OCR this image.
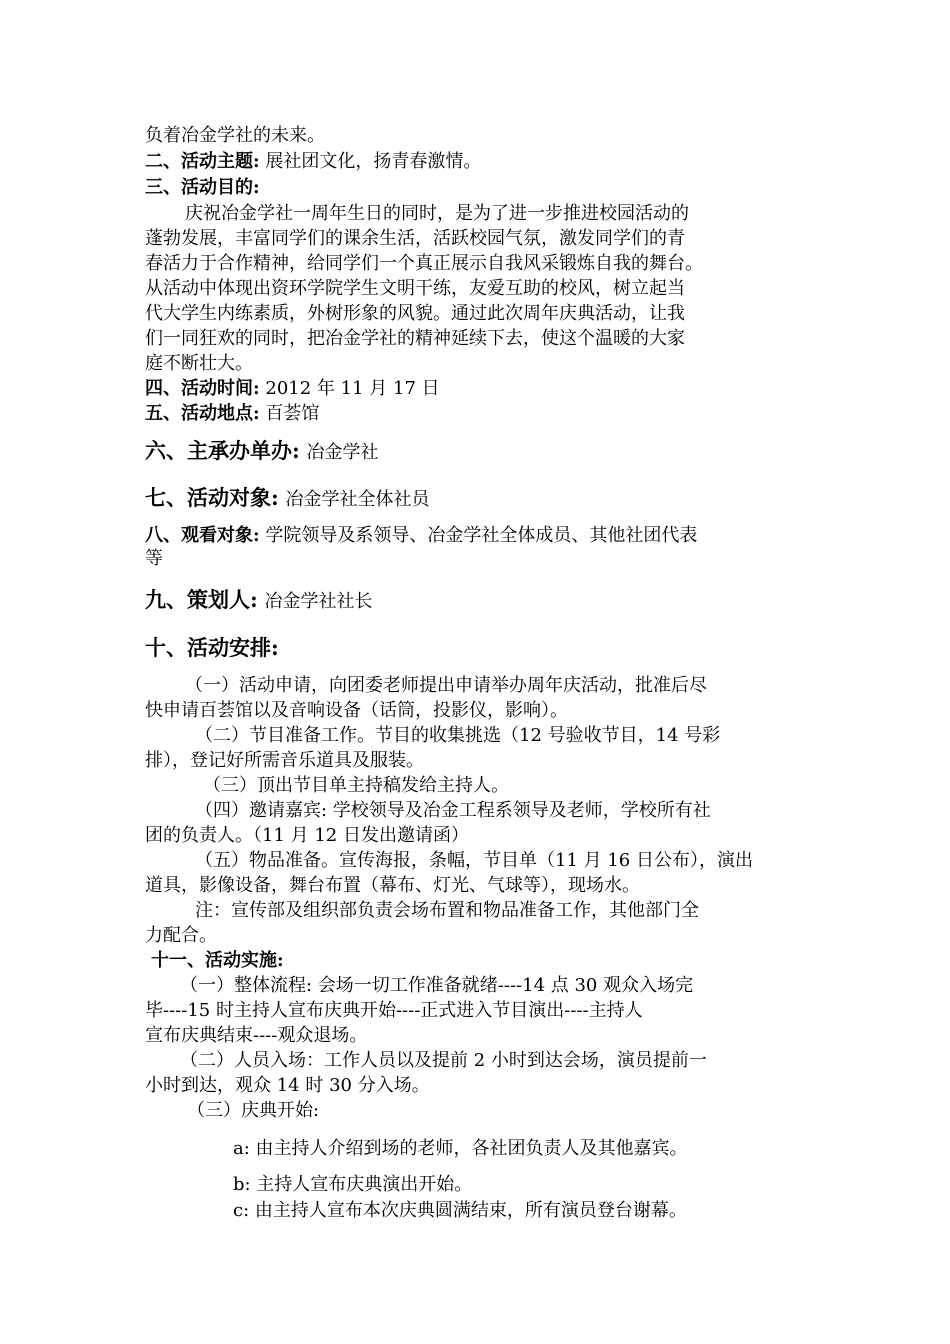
负着冶金学社的未来。
二、活动主题: 展社团文化，扬青春激情。
三、活动目的:
庆祝冶金学社一周年生日的同时，是为了进一步推进校园活动的
蓬勃发展，丰富同学们的课余生活，活跃校园气氛，激发同学们的青
春活力于合作精神，给同学们一个真正展示自我风采锻炼自我的舞台。
从活动中体现出资环学院学生文明干练，友爱互助的校风，树立起当
代大学生内练素质，外树形象的风貌。通过此次周年庆典活动，让我
们一同狂欢的同时，把冶金学社的精神延续下去，使这个温暖的大家
庭不断壮大。
四、活动时间: 2012 年 11 月 17 日
五、活动地点: 百荟馆
六、主承办单办: 冶金学社
七、活动对象: 冶金学社全体社员
八、观看对象: 学院领导及系领导、冶金学社全体成员、其他社团代表
等
九、策划人: 冶金学社社长
十、活动安排:
（一）活动申请，向团委老师提出申请举办周年庆活动，批准后尽
快申请百荟馆以及音响设备（话筒，投影仪，影响）。
（二）节目准备工作。节目的收集挑选（12 号验收节目，14 号彩
排），登记好所需音乐道具及服装。
（三）顶出节目单主持稿发给主持人。
（四）邀请嘉宾: 学校领导及冶金工程系领导及老师，学校所有社
团的负责人。（11 月 12 日发出邀请函）
（五）物品准备。宣传海报，条幅，节目单（11 月 16 日公布），演出
道具，影像设备，舞台布置（幕布、灯光、气球等），现场水。
注：宣传部及组织部负责会场布置和物品准备工作，其他部门全
力配合。
十一、活动实施:
（一）整体流程: 会场一切工作准备就绪----14 点 30 观众入场完
毕----15 时主持人宣布庆典开始----正式进入节目演出----主持人
宣布庆典结束----观众退场。
（二）人员入场：工作人员以及提前 2 小时到达会场，演员提前一
小时到达，观众 14 时 30 分入场。
（三）庆典开始:
a: 由主持人介绍到场的老师，各社团负责人及其他嘉宾。
b: 主持人宣布庆典演出开始。
c: 由主持人宣布本次庆典圆满结束，所有演员登台谢幕。
